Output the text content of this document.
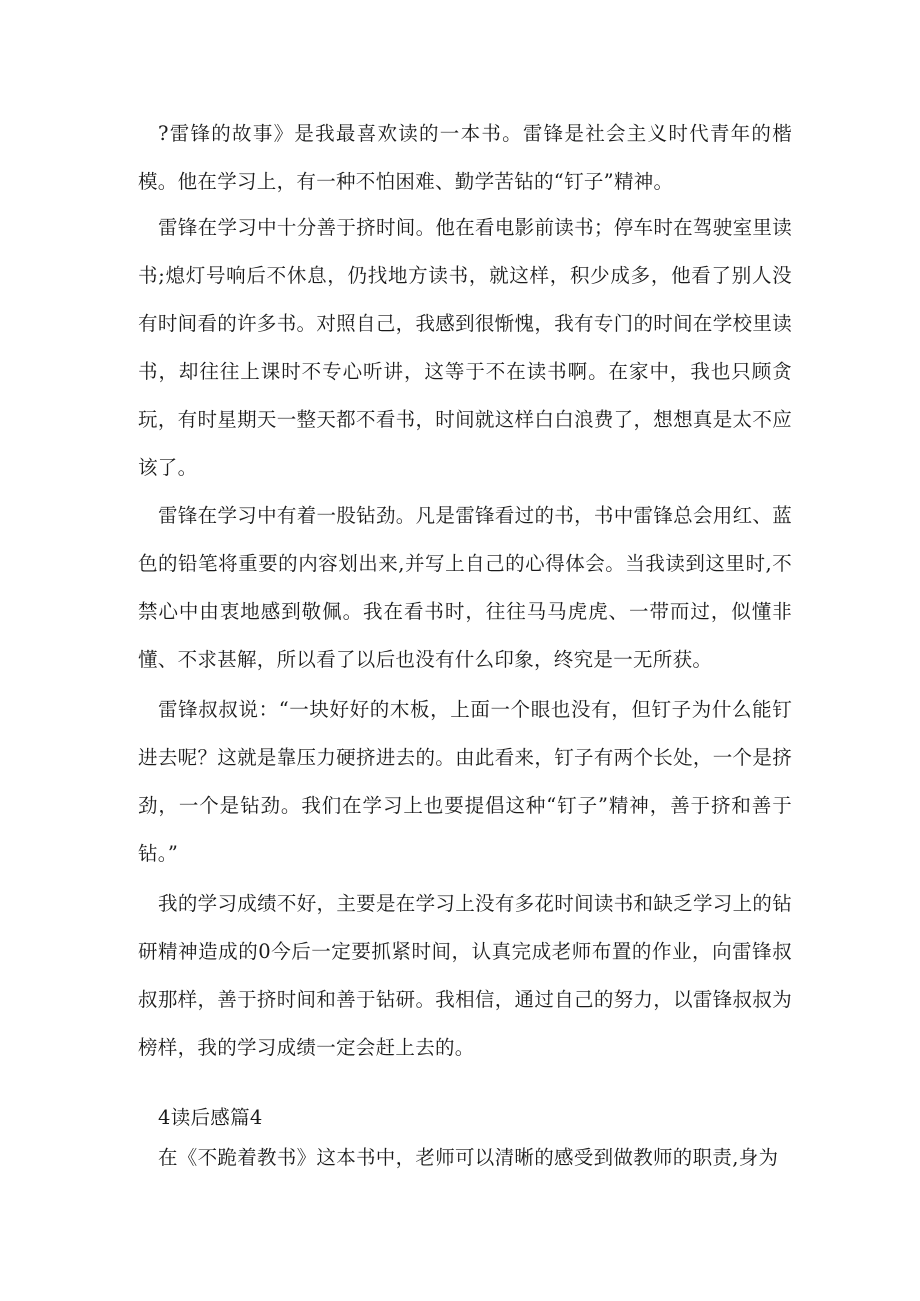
?雷锋的故事》是我最喜欢读的一本书。雷锋是社会主义时代青年的楷模。他在学习上，有一种不怕困难、勤学苦钻的“钉子”精神。

雷锋在学习中十分善于挤时间。他在看电影前读书；停车时在驾驶室里读书;熄灯号响后不休息，仍找地方读书，就这样，积少成多，他看了别人没有时间看的许多书。对照自己，我感到很惭愧，我有专门的时间在学校里读书，却往往上课时不专心听讲，这等于不在读书啊。在家中，我也只顾贪玩，有时星期天一整天都不看书，时间就这样白白浪费了，想想真是太不应该了。

雷锋在学习中有着一股钻劲。凡是雷锋看过的书，书中雷锋总会用红、蓝色的铅笔将重要的内容划出来,并写上自己的心得体会。当我读到这里时,不禁心中由衷地感到敬佩。我在看书时，往往马马虎虎、一带而过，似懂非懂、不求甚解，所以看了以后也没有什么印象，终究是一无所获。

雷锋叔叔说：“一块好好的木板，上面一个眼也没有，但钉子为什么能钉进去呢？这就是靠压力硬挤进去的。由此看来，钉子有两个长处，一个是挤劲，一个是钻劲。我们在学习上也要提倡这种“钉子”精神，善于挤和善于钻。”

我的学习成绩不好，主要是在学习上没有多花时间读书和缺乏学习上的钻研精神造成的0今后一定要抓紧时间，认真完成老师布置的作业，向雷锋叔叔那样，善于挤时间和善于钻研。我相信，通过自己的努力，以雷锋叔叔为榜样，我的学习成绩一定会赶上去的。

4读后感篇4

在《不跪着教书》这本书中，老师可以清晰的感受到做教师的职责,身为
